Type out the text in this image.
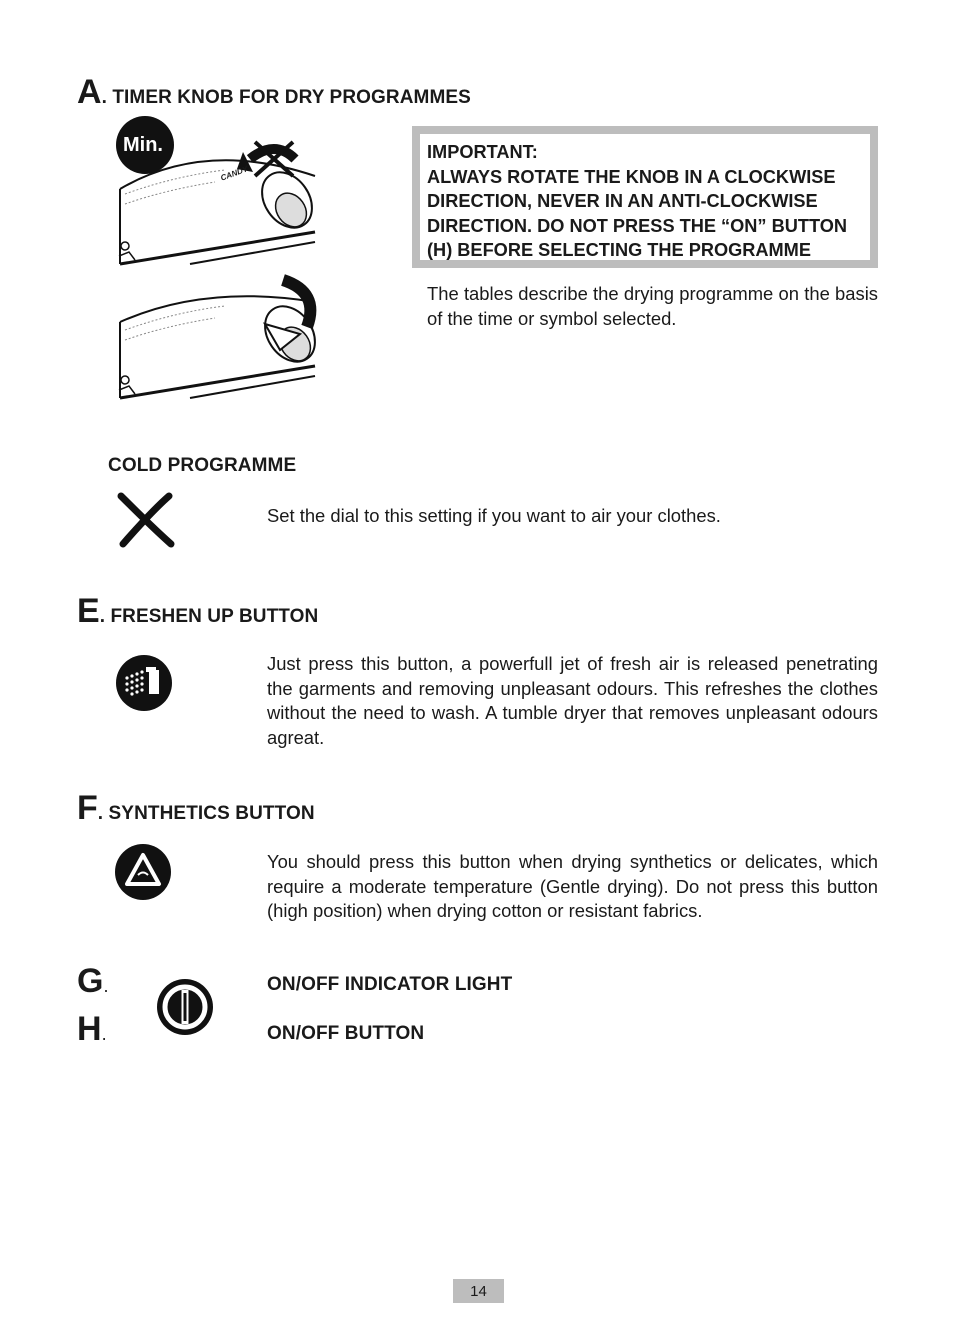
A. TIMER KNOB FOR DRY PROGRAMMES
Min.
CANDY
IMPORTANT:
ALWAYS ROTATE THE KNOB IN A CLOCKWISE
DIRECTION, NEVER IN AN ANTI-CLOCKWISE
DIRECTION. DO NOT PRESS THE “ON” BUTTON
(H) BEFORE SELECTING THE PROGRAMME
The tables describe the drying programme on the basis of the time or symbol selected.
COLD PROGRAMME
Set the dial to this setting if you want to air your clothes.
E. FRESHEN UP BUTTON
Just press this button, a powerfull jet of fresh air is released penetrating the garments and removing unpleasant odours. This refreshes the clothes without the need to wash. A tumble dryer that removes unpleasant odours agreat.
F. SYNTHETICS BUTTON
You should press this button when drying synthetics or delicates, which require a moderate temperature (Gentle drying). Do not press this button (high position) when drying cotton or resistant fabrics.
G.
H.
ON/OFF INDICATOR LIGHT
ON/OFF BUTTON
14
